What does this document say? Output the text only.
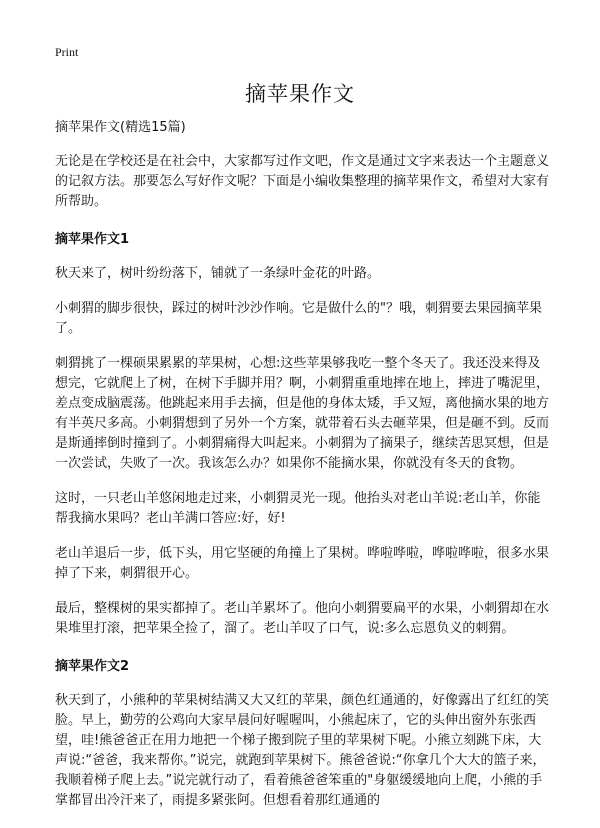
Print
摘苹果作文

摘苹果作文(精选15篇)

无论是在学校还是在社会中，大家都写过作文吧，作文是通过文字来表达一个主题意义的记叙方法。那要怎么写好作文呢？下面是小编收集整理的摘苹果作文，希望对大家有所帮助。

摘苹果作文1

秋天来了，树叶纷纷落下，铺就了一条绿叶金花的叶路。

小刺猬的脚步很快，踩过的树叶沙沙作响。它是做什么的"？哦，刺猬要去果园摘苹果了。

刺猬挑了一棵硕果累累的苹果树，心想:这些苹果够我吃一整个冬天了。我还没来得及想完，它就爬上了树，在树下手脚并用？啊，小刺猬重重地摔在地上，摔进了嘴泥里，差点变成脑震荡。他跳起来用手去摘，但是他的身体太矮，手又短，离他摘水果的地方有半英尺多高。小刺猬想到了另外一个方案，就带着石头去砸苹果，但是砸不到。反而是斯通摔倒时撞到了。小刺猬痛得大叫起来。小刺猬为了摘果子，继续苦思冥想，但是一次尝试，失败了一次。我该怎么办？如果你不能摘水果，你就没有冬天的食物。

这时，一只老山羊悠闲地走过来，小刺猬灵光一现。他抬头对老山羊说:老山羊，你能帮我摘水果吗？老山羊满口答应:好，好!

老山羊退后一步，低下头，用它坚硬的角撞上了果树。哗啦哗啦，哗啦哗啦，很多水果掉了下来，刺猬很开心。

最后，整棵树的果实都掉了。老山羊累坏了。他向小刺猬要扁平的水果，小刺猬却在水果堆里打滚，把苹果全捡了，溜了。老山羊叹了口气，说:多么忘恩负义的刺猬。

摘苹果作文2

秋天到了，小熊种的苹果树结满又大又红的苹果，颜色红通通的，好像露出了红红的笑脸。早上，勤劳的公鸡向大家早晨问好喔喔叫，小熊起床了，它的头伸出窗外东张西望，哇!熊爸爸正在用力地把一个梯子搬到院子里的苹果树下呢。小熊立刻跳下床，大声说:“爸爸，我来帮你。”说完，就跑到苹果树下。熊爸爸说:“你拿几个大大的篮子来，我顺着梯子爬上去。”说完就行动了，看着熊爸爸笨重的"身躯缓缓地向上爬，小熊的手掌都冒出冷汗来了，雨提多紧张阿。但想看着那红通通的
